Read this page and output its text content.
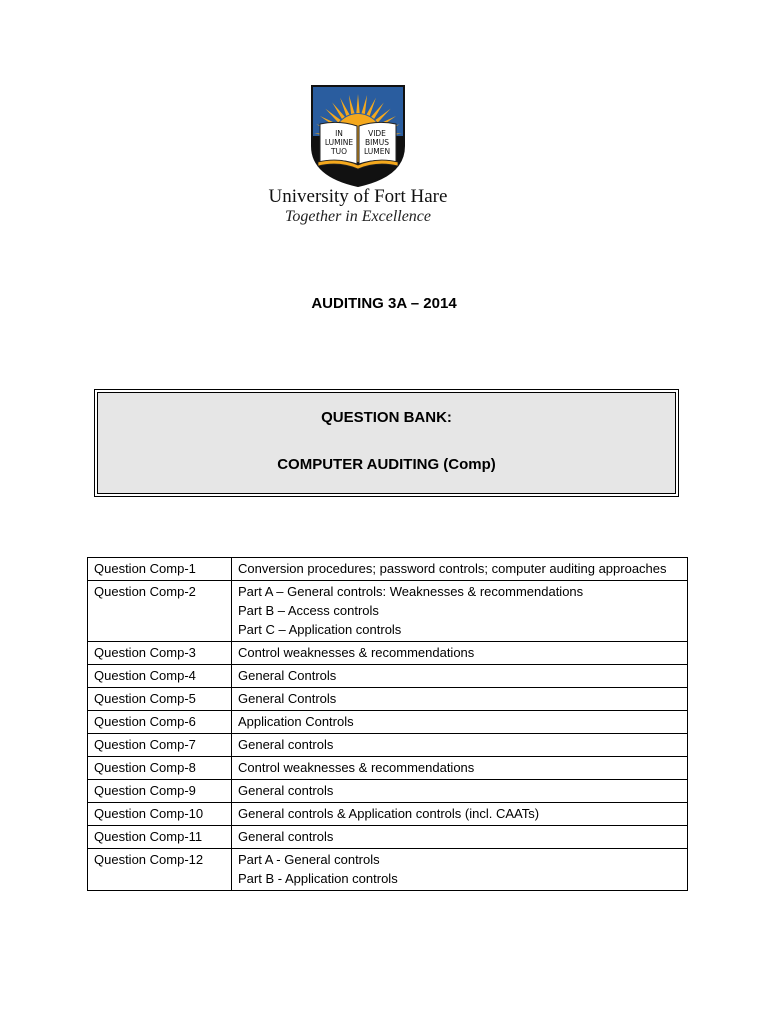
IN
LUMINE
TUO
VIDE
BIMUS
LUMEN
University of Fort Hare
Together in Excellence
AUDITING 3A – 2014
QUESTION BANK:
COMPUTER AUDITING (Comp)
Question Comp-1	Conversion procedures; password controls; computer auditing approaches

Question Comp-2	Part A – General controls: Weaknesses & recommendations
Part B – Access controls
Part C – Application controls

Question Comp-3	Control weaknesses & recommendations

Question Comp-4	General Controls

Question Comp-5	General Controls

Question Comp-6	Application Controls

Question Comp-7	General controls

Question Comp-8	Control weaknesses & recommendations

Question Comp-9	General controls

Question Comp-10	General controls & Application controls (incl. CAATs)

Question Comp-11	General controls

Question Comp-12	Part A - General controls
Part B - Application controls
